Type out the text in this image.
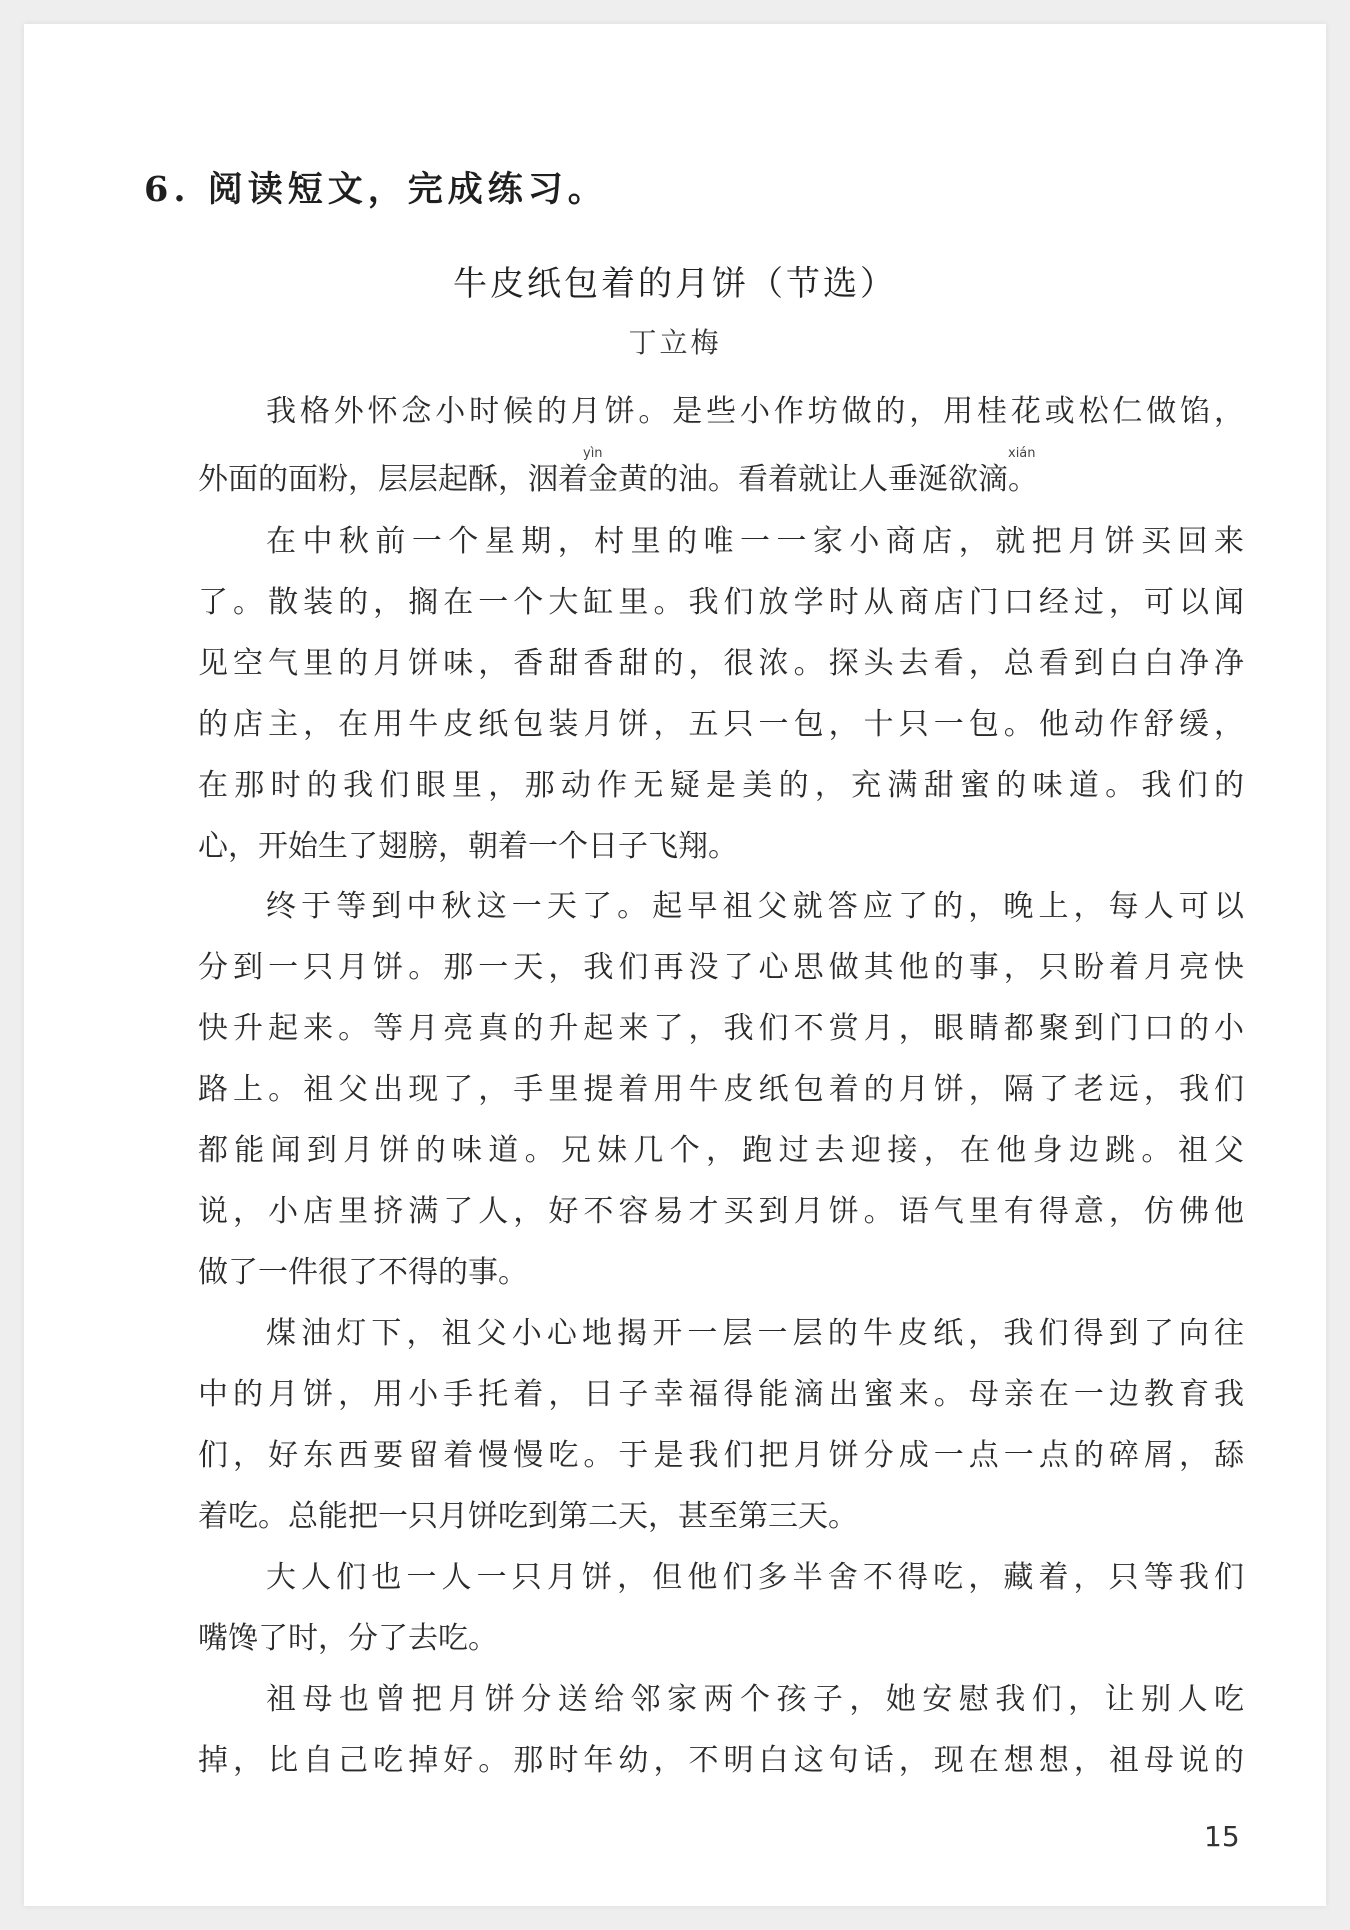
6. 阅读短文，完成练习。
牛皮纸包着的月饼（节选）
丁立梅
yìn	xián
我格外怀念小时候的月饼。是些小作坊做的，用桂花或松仁做馅，
外面的面粉，层层起酥，洇着金黄的油。看着就让人垂涎欲滴。
在中秋前一个星期，村里的唯一一家小商店，就把月饼买回来
了。散装的，搁在一个大缸里。我们放学时从商店门口经过，可以闻
见空气里的月饼味，香甜香甜的，很浓。探头去看，总看到白白净净
的店主，在用牛皮纸包装月饼，五只一包，十只一包。他动作舒缓，
在那时的我们眼里，那动作无疑是美的，充满甜蜜的味道。我们的
心，开始生了翅膀，朝着一个日子飞翔。
终于等到中秋这一天了。起早祖父就答应了的，晚上，每人可以
分到一只月饼。那一天，我们再没了心思做其他的事，只盼着月亮快
快升起来。等月亮真的升起来了，我们不赏月，眼睛都聚到门口的小
路上。祖父出现了，手里提着用牛皮纸包着的月饼，隔了老远，我们
都能闻到月饼的味道。兄妹几个，跑过去迎接，在他身边跳。祖父
说，小店里挤满了人，好不容易才买到月饼。语气里有得意，仿佛他
做了一件很了不得的事。
煤油灯下，祖父小心地揭开一层一层的牛皮纸，我们得到了向往
中的月饼，用小手托着，日子幸福得能滴出蜜来。母亲在一边教育我
们，好东西要留着慢慢吃。于是我们把月饼分成一点一点的碎屑，舔
着吃。总能把一只月饼吃到第二天，甚至第三天。
大人们也一人一只月饼，但他们多半舍不得吃，藏着，只等我们
嘴馋了时，分了去吃。
祖母也曾把月饼分送给邻家两个孩子，她安慰我们，让别人吃
掉，比自己吃掉好。那时年幼，不明白这句话，现在想想，祖母说的
15
